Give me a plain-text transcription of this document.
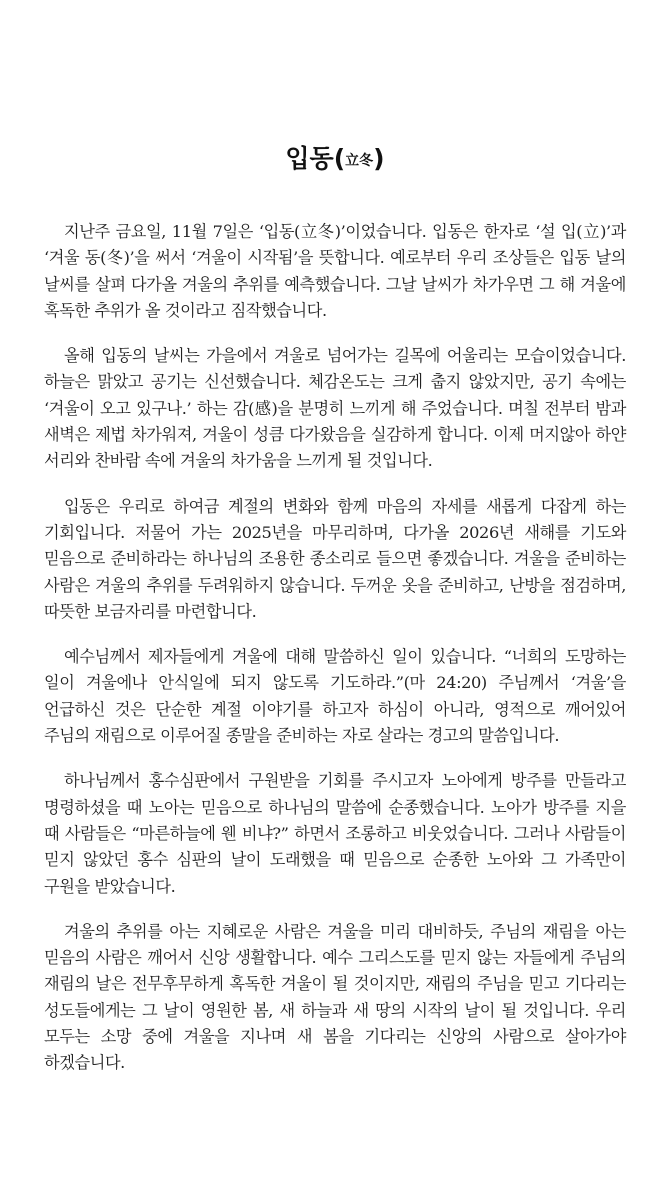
입동(立冬)

지난주 금요일, 11월 7일은 ‘입동(立冬)’이었습니다. 입동은 한자로 ‘설 입(立)’과 ‘겨울 동(冬)’을 써서 ‘겨울이 시작됨’을 뜻합니다. 예로부터 우리 조상들은 입동 날의 날씨를 살펴 다가올 겨울의 추위를 예측했습니다. 그날 날씨가 차가우면 그 해 겨울에 혹독한 추위가 올 것이라고 짐작했습니다.

올해 입동의 날씨는 가을에서 겨울로 넘어가는 길목에 어울리는 모습이었습니다. 하늘은 맑았고 공기는 신선했습니다. 체감온도는 크게 춥지 않았지만, 공기 속에는 ‘겨울이 오고 있구나.’ 하는 감(感)을 분명히 느끼게 해 주었습니다. 며칠 전부터 밤과 새벽은 제법 차가워져, 겨울이 성큼 다가왔음을 실감하게 합니다. 이제 머지않아 하얀 서리와 찬바람 속에 겨울의 차가움을 느끼게 될 것입니다.

입동은 우리로 하여금 계절의 변화와 함께 마음의 자세를 새롭게 다잡게 하는 기회입니다. 저물어 가는 2025년을 마무리하며, 다가올 2026년 새해를 기도와 믿음으로 준비하라는 하나님의 조용한 종소리로 들으면 좋겠습니다. 겨울을 준비하는 사람은 겨울의 추위를 두려워하지 않습니다. 두꺼운 옷을 준비하고, 난방을 점검하며, 따뜻한 보금자리를 마련합니다.

예수님께서 제자들에게 겨울에 대해 말씀하신 일이 있습니다. “너희의 도망하는 일이 겨울에나 안식일에 되지 않도록 기도하라.”(마 24:20) 주님께서 ‘겨울’을 언급하신 것은 단순한 계절 이야기를 하고자 하심이 아니라, 영적으로 깨어있어 주님의 재림으로 이루어질 종말을 준비하는 자로 살라는 경고의 말씀입니다.

하나님께서 홍수심판에서 구원받을 기회를 주시고자 노아에게 방주를 만들라고 명령하셨을 때 노아는 믿음으로 하나님의 말씀에 순종했습니다. 노아가 방주를 지을 때 사람들은 “마른하늘에 웬 비냐?” 하면서 조롱하고 비웃었습니다. 그러나 사람들이 믿지 않았던 홍수 심판의 날이 도래했을 때 믿음으로 순종한 노아와 그 가족만이 구원을 받았습니다.

겨울의 추위를 아는 지혜로운 사람은 겨울을 미리 대비하듯, 주님의 재림을 아는 믿음의 사람은 깨어서 신앙 생활합니다. 예수 그리스도를 믿지 않는 자들에게 주님의 재림의 날은 전무후무하게 혹독한 겨울이 될 것이지만, 재림의 주님을 믿고 기다리는 성도들에게는 그 날이 영원한 봄, 새 하늘과 새 땅의 시작의 날이 될 것입니다. 우리 모두는 소망 중에 겨울을 지나며 새 봄을 기다리는 신앙의 사람으로 살아가야 하겠습니다.
